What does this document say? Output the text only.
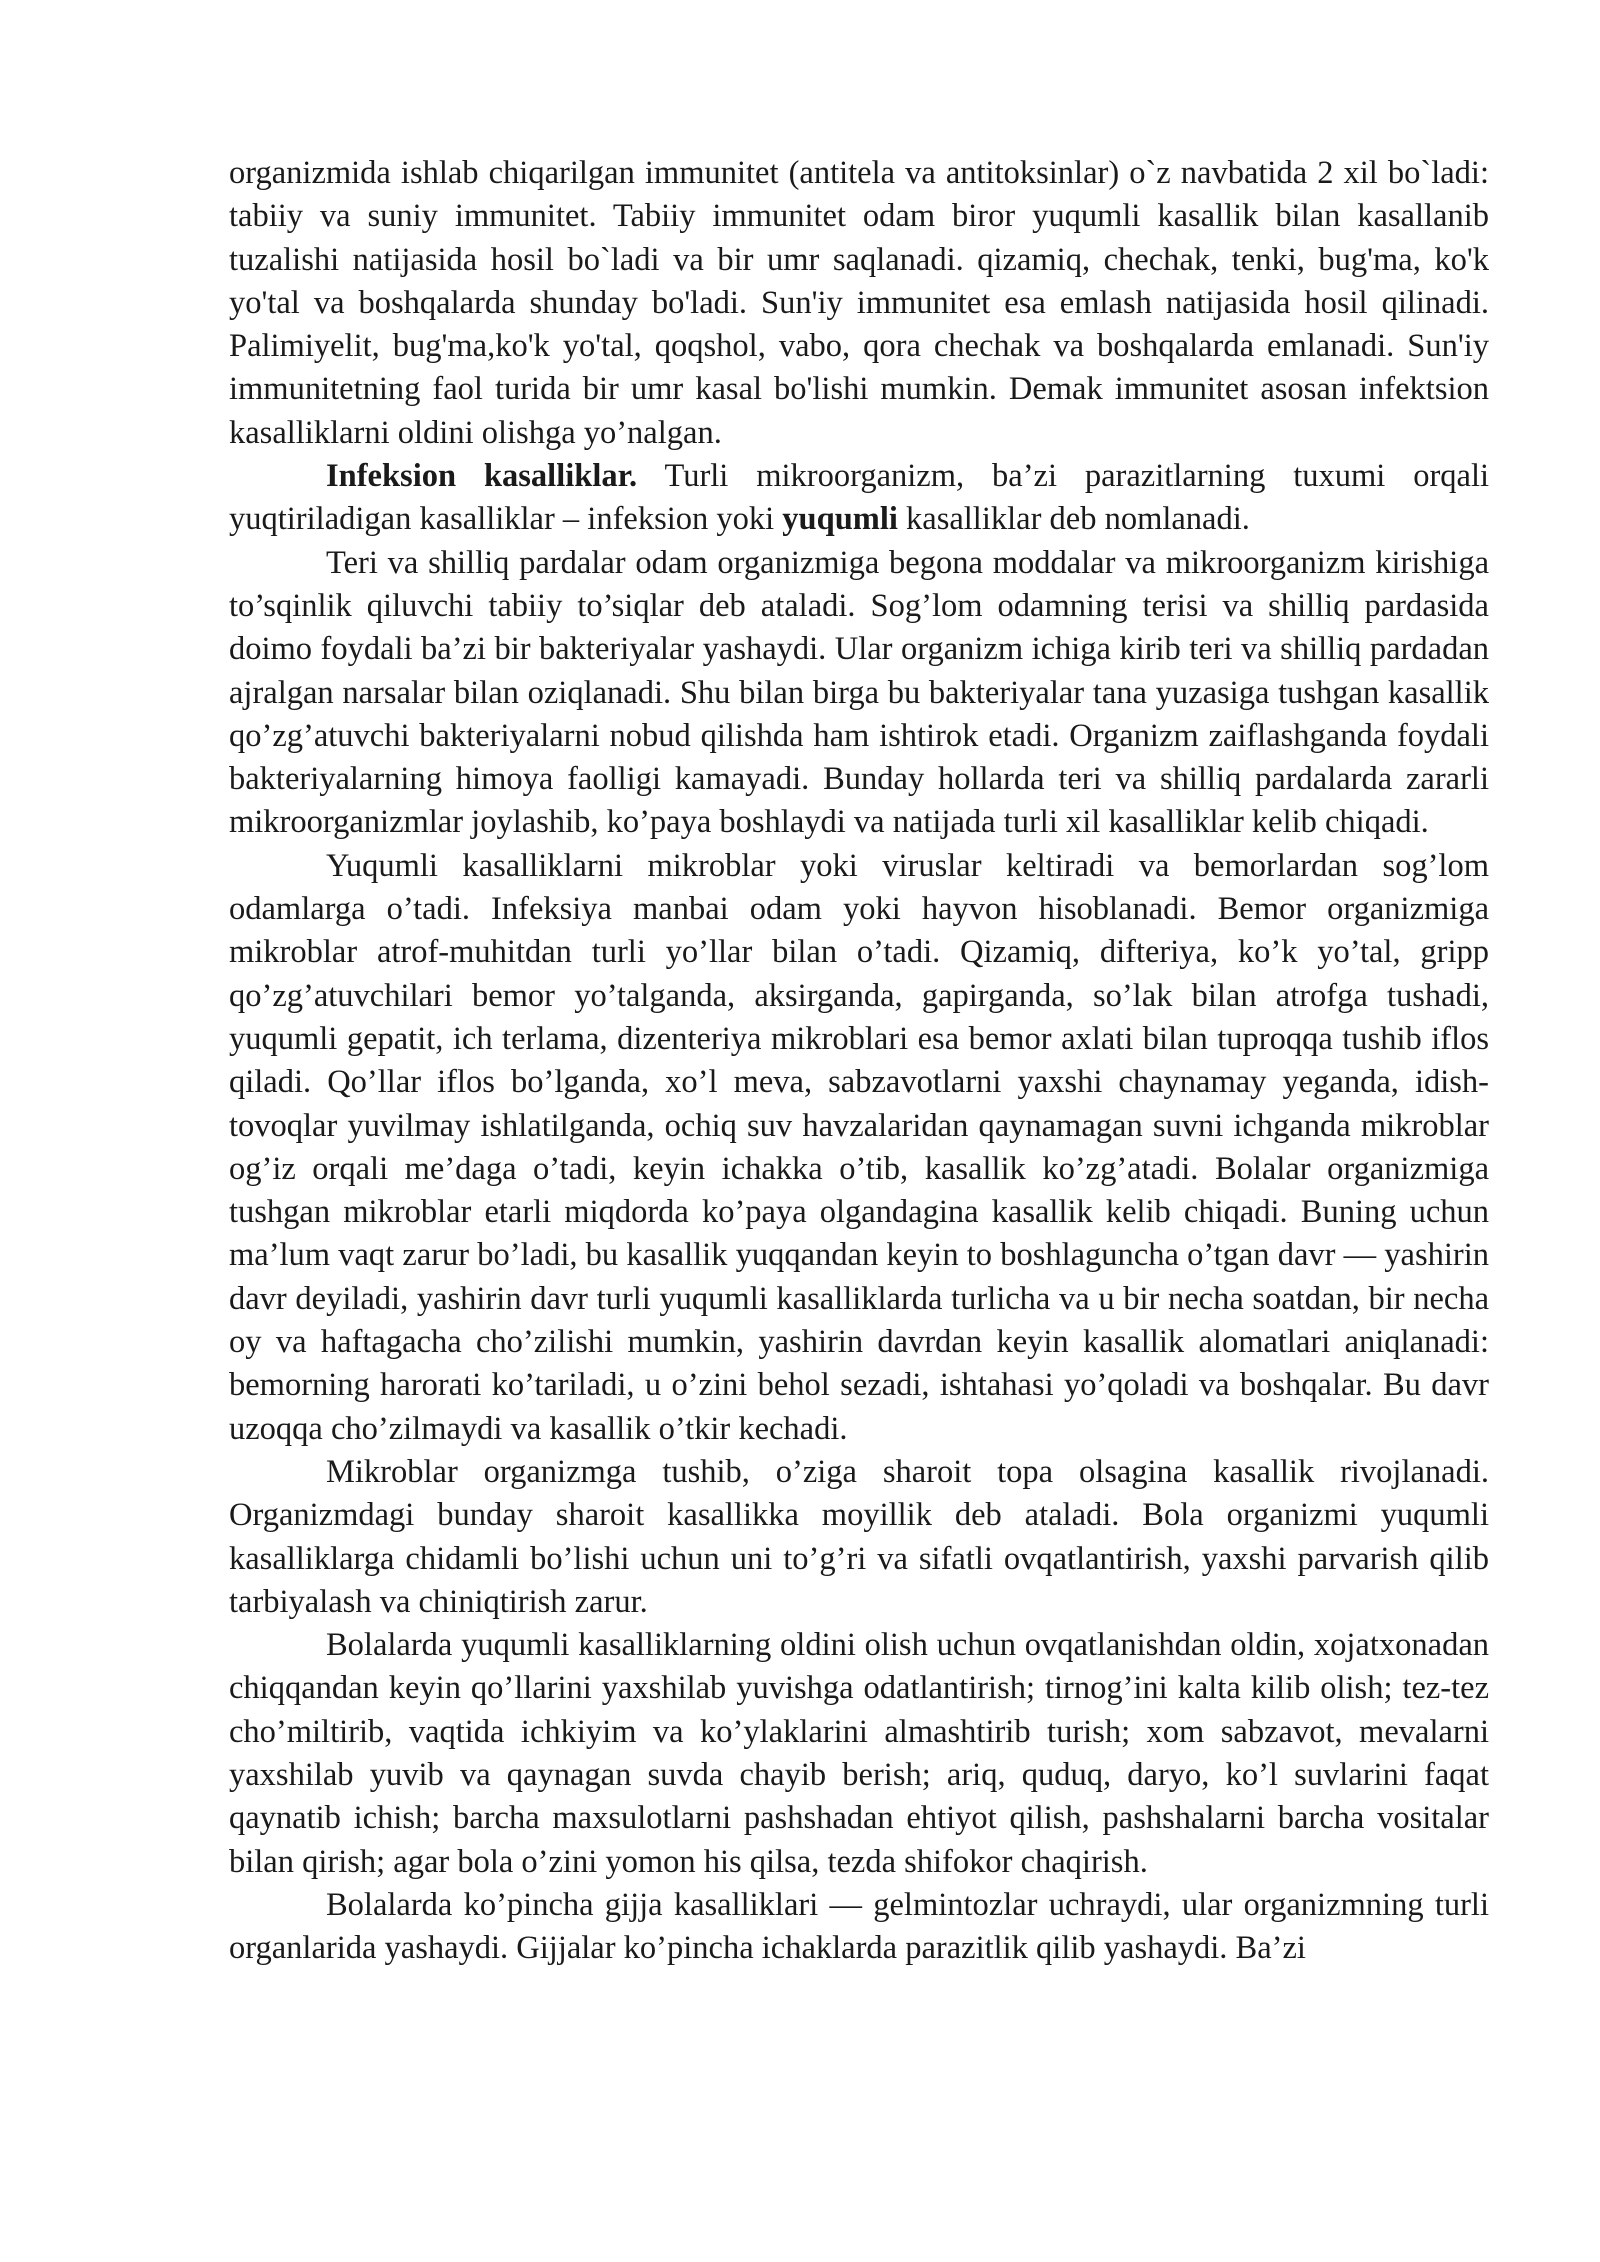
organizmida ishlab chiqarilgan immunitet (antitela va antitoksinlar) o`z navbatida 2 xil bo`ladi: tabiiy va suniy immunitet. Tabiiy immunitet odam biror yuqumli kasallik bilan kasallanib tuzalishi natijasida hosil bo`ladi va bir umr saqlanadi. qizamiq, chechak, tenki, bug'ma, ko'k yo'tal va boshqalarda shunday bo'ladi. Sun'iy immunitet esa emlash natijasida hosil qilinadi. Palimiyelit, bug'ma,ko'k yo'tal, qoqshol, vabo, qora chechak va boshqalarda emlanadi. Sun'iy immunitetning faol turida bir umr kasal bo'lishi mumkin. Demak immunitet asosan infektsion kasalliklarni oldini olishga yo’nalgan.

Infeksion kasalliklar. Turli mikroorganizm, ba’zi parazitlarning tuxumi orqali yuqtiriladigan kasalliklar – infeksion yoki yuqumli kasalliklar deb nomlanadi.

Teri va shilliq pardalar odam organizmiga begona moddalar va mikroorganizm kirishiga to’sqinlik qiluvchi tabiiy to’siqlar deb ataladi. Sog’lom odamning terisi va shilliq pardasida doimo foydali ba’zi bir bakteriyalar yashaydi. Ular organizm ichiga kirib teri va shilliq pardadan ajralgan narsalar bilan oziqlanadi. Shu bilan birga bu bakteriyalar tana yuzasiga tushgan kasallik qo’zg’atuvchi bakteriyalarni nobud qilishda ham ishtirok etadi. Organizm zaiflashganda foydali bakteriyalarning himoya faolligi kamayadi. Bunday hollarda teri va shilliq pardalarda zararli mikroorganizmlar joylashib, ko’paya boshlaydi va natijada turli xil kasalliklar kelib chiqadi.

Yuqumli kasalliklarni mikroblar yoki viruslar keltiradi va bemorlardan sog’lom odamlarga o’tadi. Infeksiya manbai odam yoki hayvon hisoblanadi. Bemor organizmiga mikroblar atrof-muhitdan turli yo’llar bilan o’tadi. Qizamiq, difteriya, ko’k yo’tal, gripp qo’zg’atuvchilari bemor yo’talganda, aksirganda, gapirganda, so’lak bilan atrofga tushadi, yuqumli gepatit, ich terlama, dizenteriya mikroblari esa bemor axlati bilan tuproqqa tushib iflos qiladi. Qo’llar iflos bo’lganda, xo’l meva, sabzavotlarni yaxshi chaynamay yeganda, idish-tovoqlar yuvilmay ishlatilganda, ochiq suv havzalaridan qaynamagan suvni ichganda mikroblar og’iz orqali me’daga o’tadi, keyin ichakka o’tib, kasallik ko’zg’atadi. Bolalar organizmiga tushgan mikroblar etarli miqdorda ko’paya olgandagina kasallik kelib chiqadi. Buning uchun ma’lum vaqt zarur bo’ladi, bu kasallik yuqqandan keyin to boshlaguncha o’tgan davr — yashirin davr deyiladi, yashirin davr turli yuqumli kasalliklarda turlicha va u bir necha soatdan, bir necha oy va haftagacha cho’zilishi mumkin, yashirin davrdan keyin kasallik alomatlari aniqlanadi: bemorning harorati ko’tariladi, u o’zini behol sezadi, ishtahasi yo’qoladi va boshqalar. Bu davr uzoqqa cho’zilmaydi va kasallik o’tkir kechadi.

Mikroblar organizmga tushib, o’ziga sharoit topa olsagina kasallik rivojlanadi. Organizmdagi bunday sharoit kasallikka moyillik deb ataladi. Bola organizmi yuqumli kasalliklarga chidamli bo’lishi uchun uni to’g’ri va sifatli ovqatlantirish, yaxshi parvarish qilib tarbiyalash va chiniqtirish zarur.

Bolalarda yuqumli kasalliklarning oldini olish uchun ovqatlanishdan oldin, xojatxonadan chiqqandan keyin qo’llarini yaxshilab yuvishga odatlantirish; tirnog’ini kalta kilib olish; tez-tez cho’miltirib, vaqtida ichkiyim va ko’ylaklarini almashtirib turish; xom sabzavot, mevalarni yaxshilab yuvib va qaynagan suvda chayib berish; ariq, quduq, daryo, ko’l suvlarini faqat qaynatib ichish; barcha maxsulotlarni pashshadan ehtiyot qilish, pashshalarni barcha vositalar bilan qirish; agar bola o’zini yomon his qilsa, tezda shifokor chaqirish.

Bolalarda ko’pincha gijja kasalliklari — gelmintozlar uchraydi, ular organizmning turli organlarida yashaydi. Gijjalar ko’pincha ichaklarda parazitlik qilib yashaydi. Ba’zi
